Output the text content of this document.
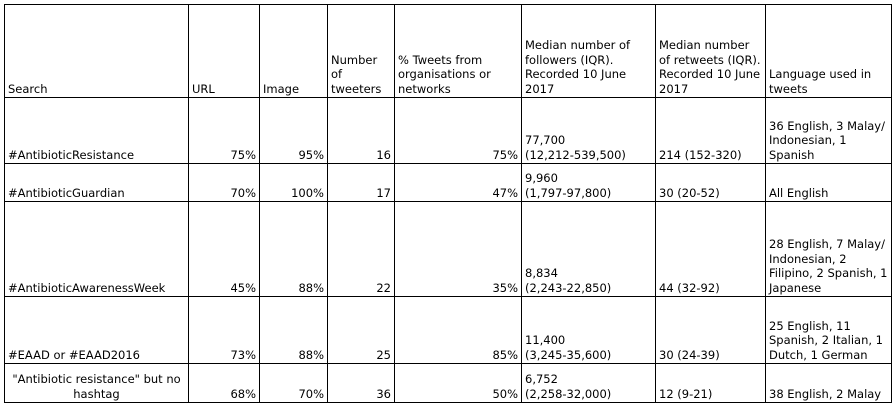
Search	URL	Image	Number of tweeters	% Tweets from organisations or networks	Median number of followers (IQR). Recorded 10 June 2017	Median number of retweets (IQR). Recorded 10 June 2017	Language used in tweets
#AntibioticResistance	75%	95%	16	75%	77,700
(12,212-539,500)	214 (152-320)	36 English, 3 Malay/ Indonesian, 1 Spanish
#AntibioticGuardian	70%	100%	17	47%	9,960
(1,797-97,800)	30 (20-52)	All English
#AntibioticAwarenessWeek	45%	88%	22	35%	8,834
(2,243-22,850)	44 (32-92)	28 English, 7 Malay/ Indonesian, 2 Filipino, 2 Spanish, 1 Japanese
#EAAD or #EAAD2016	73%	88%	25	85%	11,400
(3,245-35,600)	30 (24-39)	25 English, 11 Spanish, 2 Italian, 1 Dutch, 1 German
"Antibiotic resistance" but no hashtag	68%	70%	36	50%	6,752
(2,258-32,000)	12 (9-21)	38 English, 2 Malay
